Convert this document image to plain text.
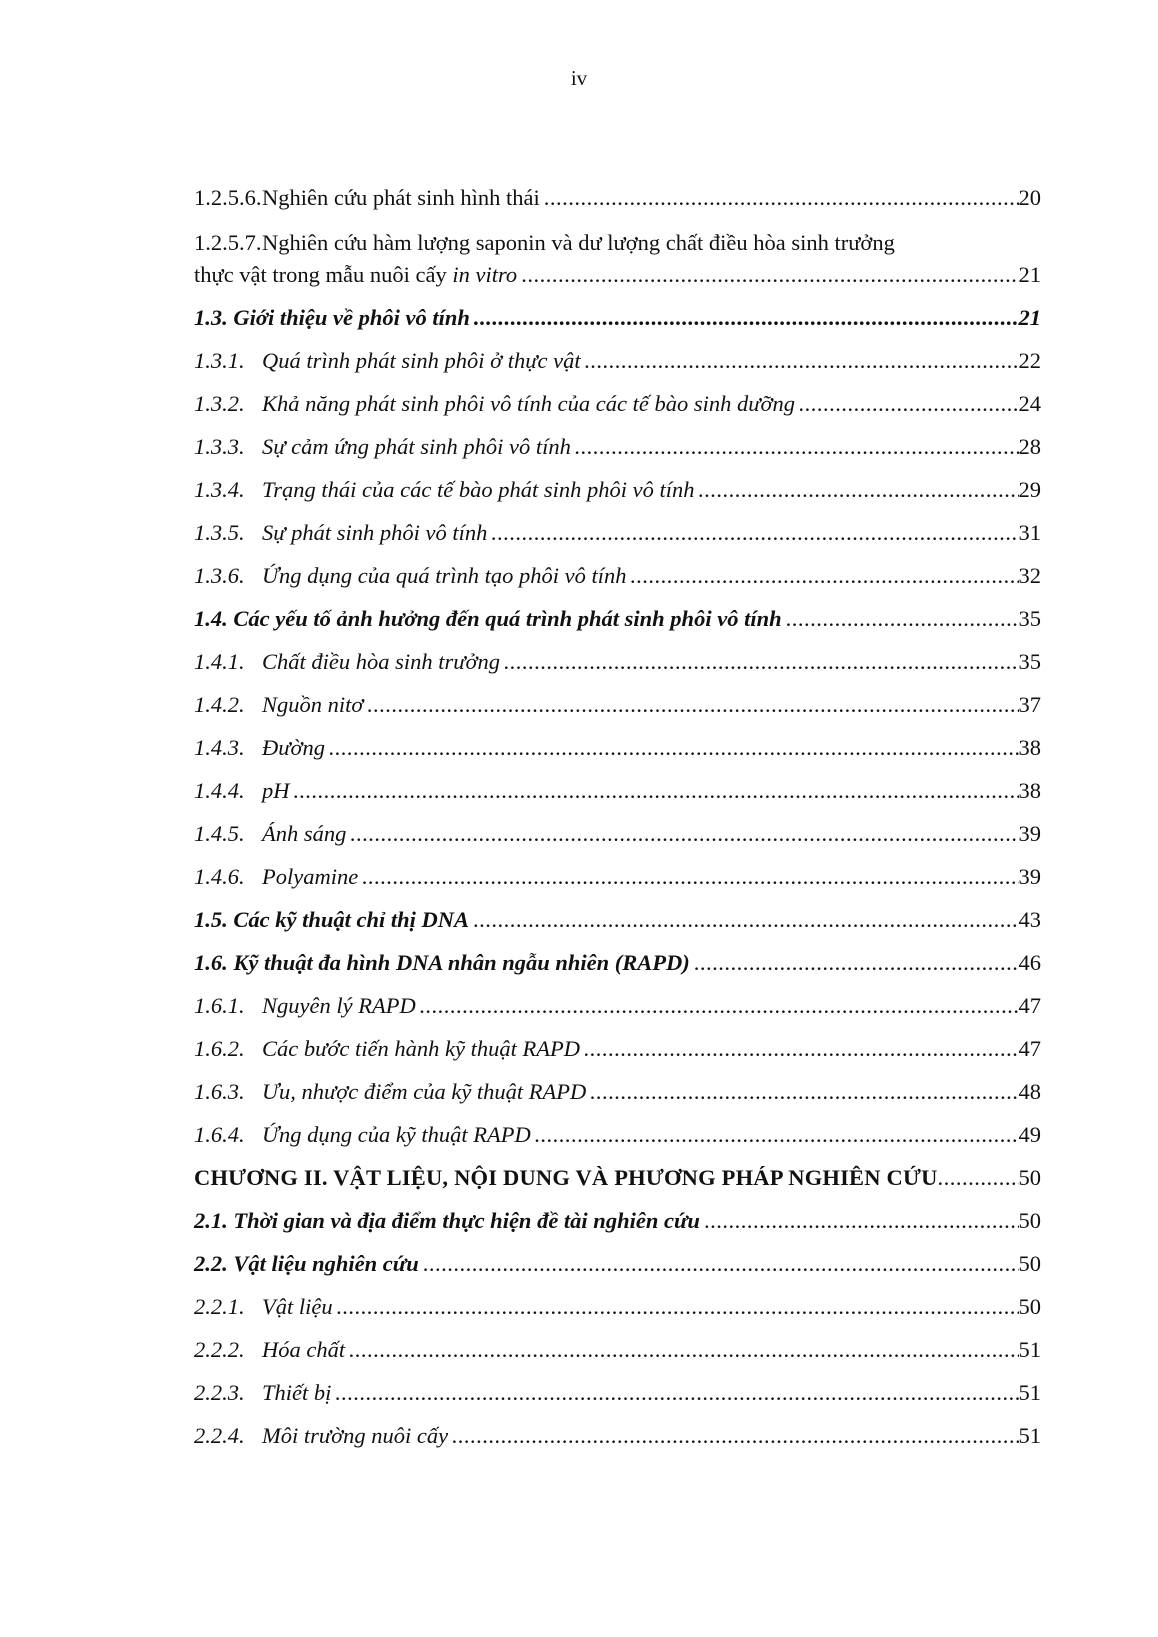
iv
1.2.5.6. Nghiên cứu phát sinh hình thái .....	20
1.2.5.7.Nghiên cứu hàm lượng saponin và dư lượng chất điều hòa sinh trưởng
thực vật trong mẫu nuôi cấy in vitro .....	21
1.3. Giới thiệu về phôi vô tính .....	21
1.3.1. Quá trình phát sinh phôi ở thực vật .....	22
1.3.2. Khả năng phát sinh phôi vô tính của các tế bào sinh dưỡng .....	24
1.3.3. Sự cảm ứng phát sinh phôi vô tính .....	28
1.3.4. Trạng thái của các tế bào phát sinh phôi vô tính .....	29
1.3.5. Sự phát sinh phôi vô tính .....	31
1.3.6. Ứng dụng của quá trình tạo phôi vô tính .....	32
1.4. Các yếu tố ảnh hưởng đến quá trình phát sinh phôi vô tính .....	35
1.4.1. Chất điều hòa sinh trưởng .....	35
1.4.2. Nguồn nitơ .....	37
1.4.3. Đường .....	38
1.4.4. pH .....	38
1.4.5. Ánh sáng .....	39
1.4.6. Polyamine .....	39
1.5. Các kỹ thuật chỉ thị DNA .....	43
1.6. Kỹ thuật đa hình DNA nhân ngẫu nhiên (RAPD) .....	46
1.6.1. Nguyên lý RAPD .....	47
1.6.2. Các bước tiến hành kỹ thuật RAPD .....	47
1.6.3. Ưu, nhược điểm của kỹ thuật RAPD .....	48
1.6.4. Ứng dụng của kỹ thuật RAPD .....	49
CHƯƠNG II. VẬT LIỆU, NỘI DUNG VÀ PHƯƠNG PHÁP NGHIÊN CỨU .....	50
2.1. Thời gian và địa điểm thực hiện đề tài nghiên cứu .....	50
2.2. Vật liệu nghiên cứu .....	50
2.2.1. Vật liệu .....	50
2.2.2. Hóa chất .....	51
2.2.3. Thiết bị .....	51
2.2.4. Môi trường nuôi cấy .....	51
